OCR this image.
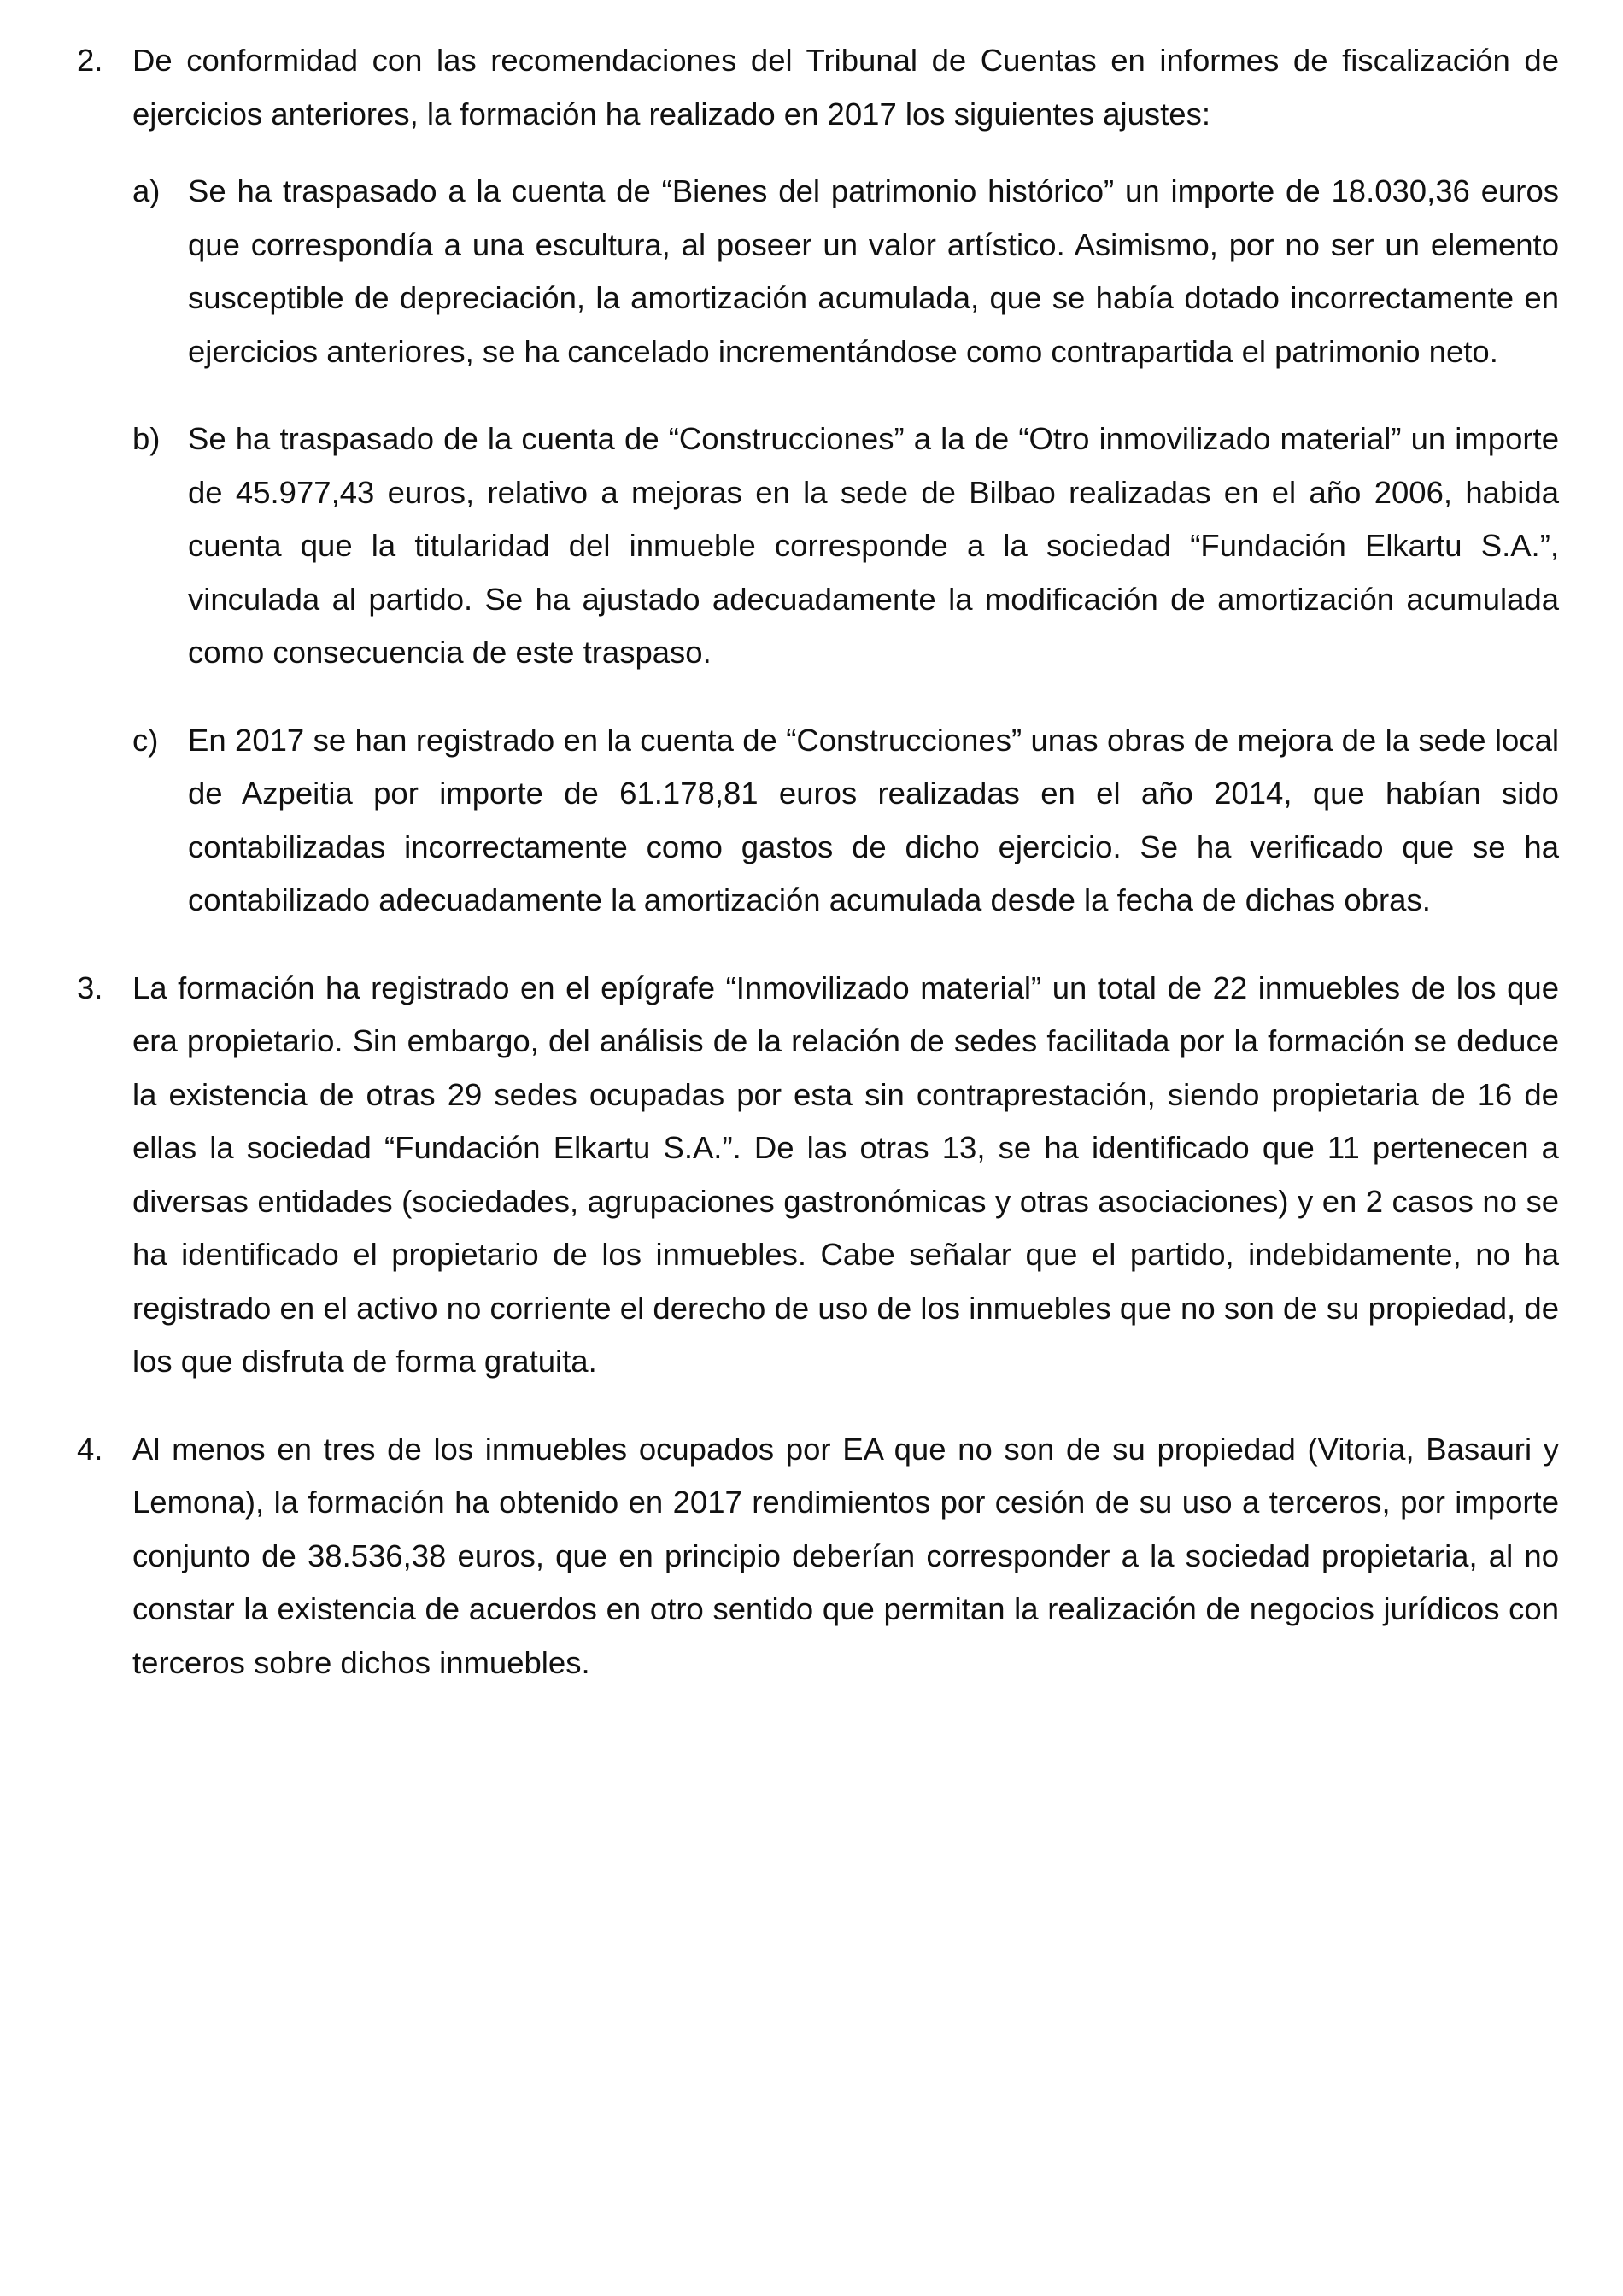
2. De conformidad con las recomendaciones del Tribunal de Cuentas en informes de fiscalización de ejercicios anteriores, la formación ha realizado en 2017 los siguientes ajustes:
a) Se ha traspasado a la cuenta de “Bienes del patrimonio histórico” un importe de 18.030,36 euros que correspondía a una escultura, al poseer un valor artístico. Asimismo, por no ser un elemento susceptible de depreciación, la amortización acumulada, que se había dotado incorrectamente en ejercicios anteriores, se ha cancelado incrementándose como contrapartida el patrimonio neto.
b) Se ha traspasado de la cuenta de “Construcciones” a la de “Otro inmovilizado material” un importe de 45.977,43 euros, relativo a mejoras en la sede de Bilbao realizadas en el año 2006, habida cuenta que la titularidad del inmueble corresponde a la sociedad “Fundación Elkartu S.A.”, vinculada al partido. Se ha ajustado adecuadamente la modificación de amortización acumulada como consecuencia de este traspaso.
c) En 2017 se han registrado en la cuenta de “Construcciones” unas obras de mejora de la sede local de Azpeitia por importe de 61.178,81 euros realizadas en el año 2014, que habían sido contabilizadas incorrectamente como gastos de dicho ejercicio. Se ha verificado que se ha contabilizado adecuadamente la amortización acumulada desde la fecha de dichas obras.
3. La formación ha registrado en el epígrafe “Inmovilizado material” un total de 22 inmuebles de los que era propietario. Sin embargo, del análisis de la relación de sedes facilitada por la formación se deduce la existencia de otras 29 sedes ocupadas por esta sin contraprestación, siendo propietaria de 16 de ellas la sociedad “Fundación Elkartu S.A.”. De las otras 13, se ha identificado que 11 pertenecen a diversas entidades (sociedades, agrupaciones gastronómicas y otras asociaciones) y en 2 casos no se ha identificado el propietario de los inmuebles. Cabe señalar que el partido, indebidamente, no ha registrado en el activo no corriente el derecho de uso de los inmuebles que no son de su propiedad, de los que disfruta de forma gratuita.
4. Al menos en tres de los inmuebles ocupados por EA que no son de su propiedad (Vitoria, Basauri y Lemona), la formación ha obtenido en 2017 rendimientos por cesión de su uso a terceros, por importe conjunto de 38.536,38 euros, que en principio deberían corresponder a la sociedad propietaria, al no constar la existencia de acuerdos en otro sentido que permitan la realización de negocios jurídicos con terceros sobre dichos inmuebles.
